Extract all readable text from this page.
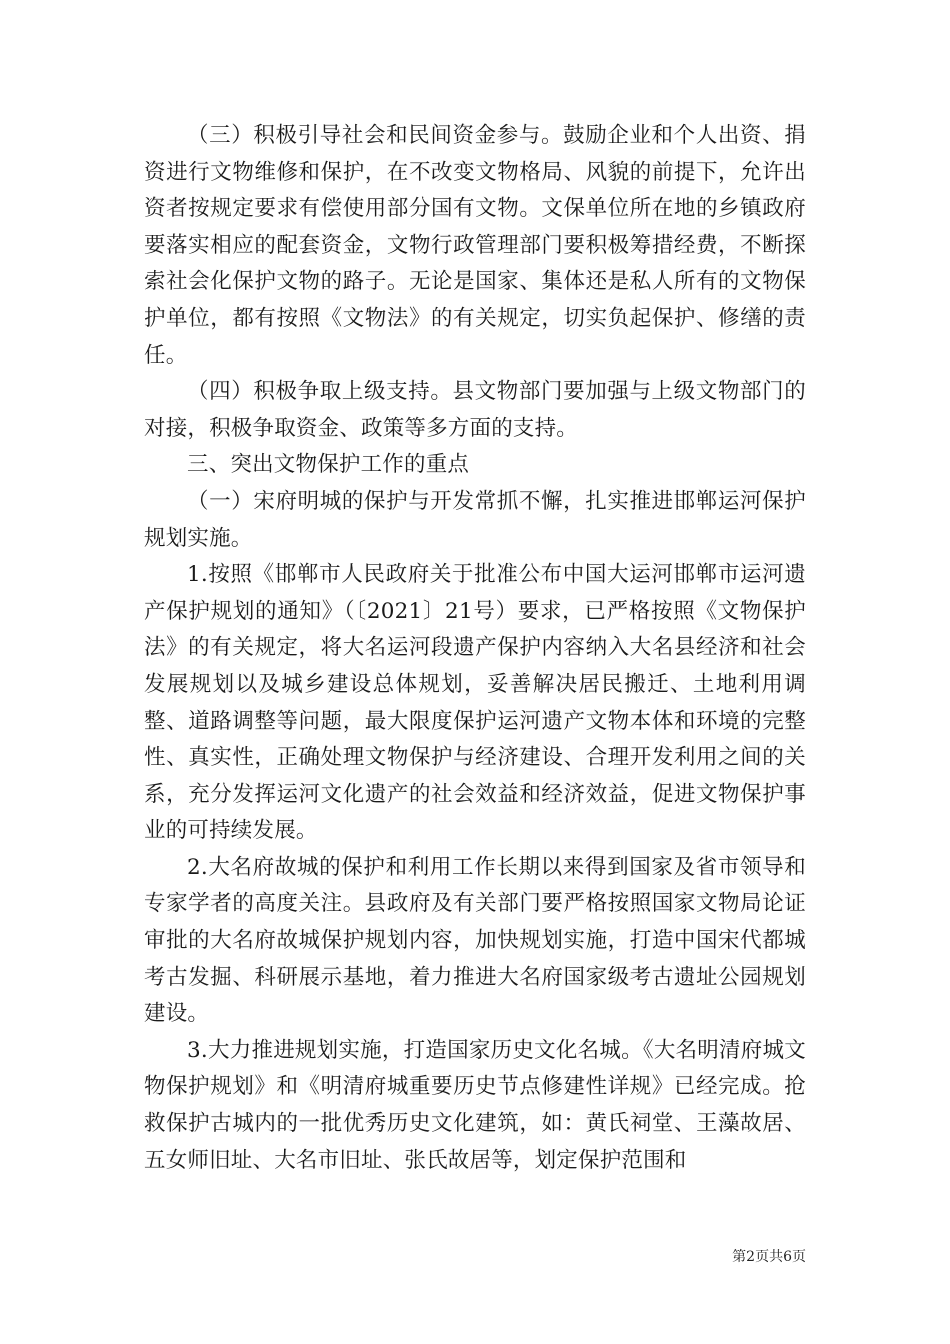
（三）积极引导社会和民间资金参与。鼓励企业和个人出资、捐资进行文物维修和保护，在不改变文物格局、风貌的前提下，允许出资者按规定要求有偿使用部分国有文物。文保单位所在地的乡镇政府要落实相应的配套资金，文物行政管理部门要积极筹措经费，不断探索社会化保护文物的路子。无论是国家、集体还是私人所有的文物保护单位，都有按照《文物法》的有关规定，切实负起保护、修缮的责任。

（四）积极争取上级支持。县文物部门要加强与上级文物部门的对接，积极争取资金、政策等多方面的支持。

三、突出文物保护工作的重点

（一）宋府明城的保护与开发常抓不懈，扎实推进邯郸运河保护规划实施。

1.按照《邯郸市人民政府关于批准公布中国大运河邯郸市运河遗产保护规划的通知》（〔2021〕21号）要求，已严格按照《文物保护法》的有关规定，将大名运河段遗产保护内容纳入大名县经济和社会发展规划以及城乡建设总体规划，妥善解决居民搬迁、土地利用调整、道路调整等问题，最大限度保护运河遗产文物本体和环境的完整性、真实性，正确处理文物保护与经济建设、合理开发利用之间的关系，充分发挥运河文化遗产的社会效益和经济效益，促进文物保护事业的可持续发展。

2.大名府故城的保护和利用工作长期以来得到国家及省市领导和专家学者的高度关注。县政府及有关部门要严格按照国家文物局论证审批的大名府故城保护规划内容，加快规划实施，打造中国宋代都城考古发掘、科研展示基地，着力推进大名府国家级考古遗址公园规划建设。

3.大力推进规划实施，打造国家历史文化名城。《大名明清府城文物保护规划》和《明清府城重要历史节点修建性详规》已经完成。抢救保护古城内的一批优秀历史文化建筑，如：黄氏祠堂、王藻故居、五女师旧址、大名市旧址、张氏故居等，划定保护范围和

第2页共6页
